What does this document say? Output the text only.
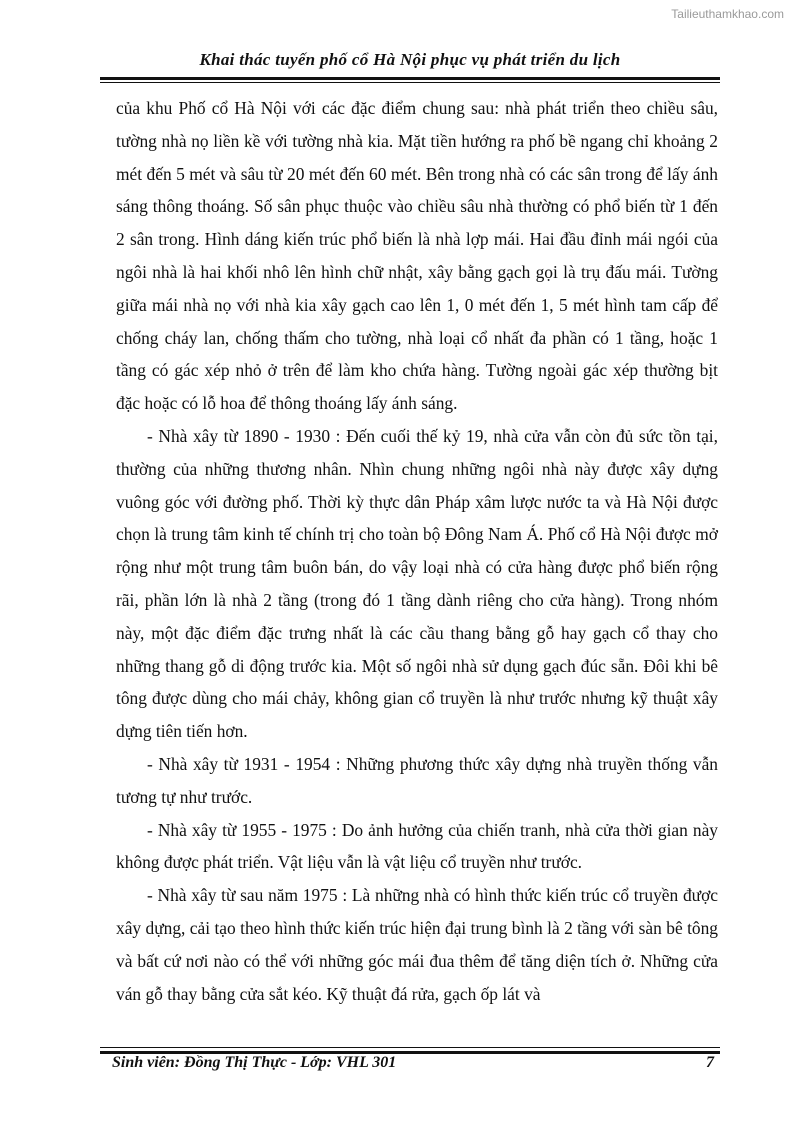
Tailieuthamkhao.com
Khai thác tuyến phố cổ Hà Nội phục vụ phát triển du lịch

của khu Phố cổ Hà Nội với các đặc điểm chung sau: nhà phát triển theo chiều sâu, tường nhà nọ liền kề với tường nhà kia. Mặt tiền hướng ra phố bề ngang chỉ khoảng 2 mét đến 5 mét và sâu từ 20 mét đến 60 mét. Bên trong nhà có các sân trong để lấy ánh sáng thông thoáng. Số sân phục thuộc vào chiều sâu nhà thường có phổ biến từ 1 đến 2 sân trong. Hình dáng kiến trúc phổ biến là nhà lợp mái. Hai đầu đỉnh mái ngói của ngôi nhà là hai khối nhô lên hình chữ nhật, xây bằng gạch gọi là trụ đấu mái. Tường giữa mái nhà nọ với nhà kia xây gạch cao lên 1, 0 mét đến 1, 5 mét hình tam cấp để chống cháy lan, chống thấm cho tường, nhà loại cổ nhất đa phần có 1 tầng, hoặc 1 tầng có gác xép nhỏ ở trên để làm kho chứa hàng. Tường ngoài gác xép thường bịt đặc hoặc có lỗ hoa để thông thoáng lấy ánh sáng.

- Nhà xây từ 1890 - 1930 : Đến cuối thế kỷ 19, nhà cửa vẫn còn đủ sức tồn tại, thường của những thương nhân. Nhìn chung những ngôi nhà này được xây dựng vuông góc với đường phố. Thời kỳ thực dân Pháp xâm lược nước ta và Hà Nội được chọn là trung tâm kinh tế chính trị cho toàn bộ Đông Nam Á. Phố cổ Hà Nội được mở rộng như một trung tâm buôn bán, do vậy loại nhà có cửa hàng được phổ biến rộng rãi, phần lớn là nhà 2 tầng (trong đó 1 tầng dành riêng cho cửa hàng). Trong nhóm này, một đặc điểm đặc trưng nhất là các cầu thang bằng gỗ hay gạch cổ thay cho những thang gỗ di động trước kia. Một số ngôi nhà sử dụng gạch đúc sẵn. Đôi khi bê tông được dùng cho mái chảy, không gian cổ truyền là như trước nhưng kỹ thuật xây dựng tiên tiến hơn.

- Nhà xây từ 1931 - 1954 : Những phương thức xây dựng nhà truyền thống vẫn tương tự như trước.

- Nhà xây từ 1955 - 1975 : Do ảnh hưởng của chiến tranh, nhà cửa thời gian này không được phát triển. Vật liệu vẫn là vật liệu cổ truyền như trước.

- Nhà xây từ sau năm 1975 : Là những nhà có hình thức kiến trúc cổ truyền được xây dựng, cải tạo theo hình thức kiến trúc hiện đại trung bình là 2 tầng với sàn bê tông và bất cứ nơi nào có thể với những góc mái đua thêm để tăng diện tích ở. Những cửa ván gỗ thay bằng cửa sắt kéo. Kỹ thuật đá rửa, gạch ốp lát và

Sinh viên: Đồng Thị Thực - Lớp: VHL 301	7
